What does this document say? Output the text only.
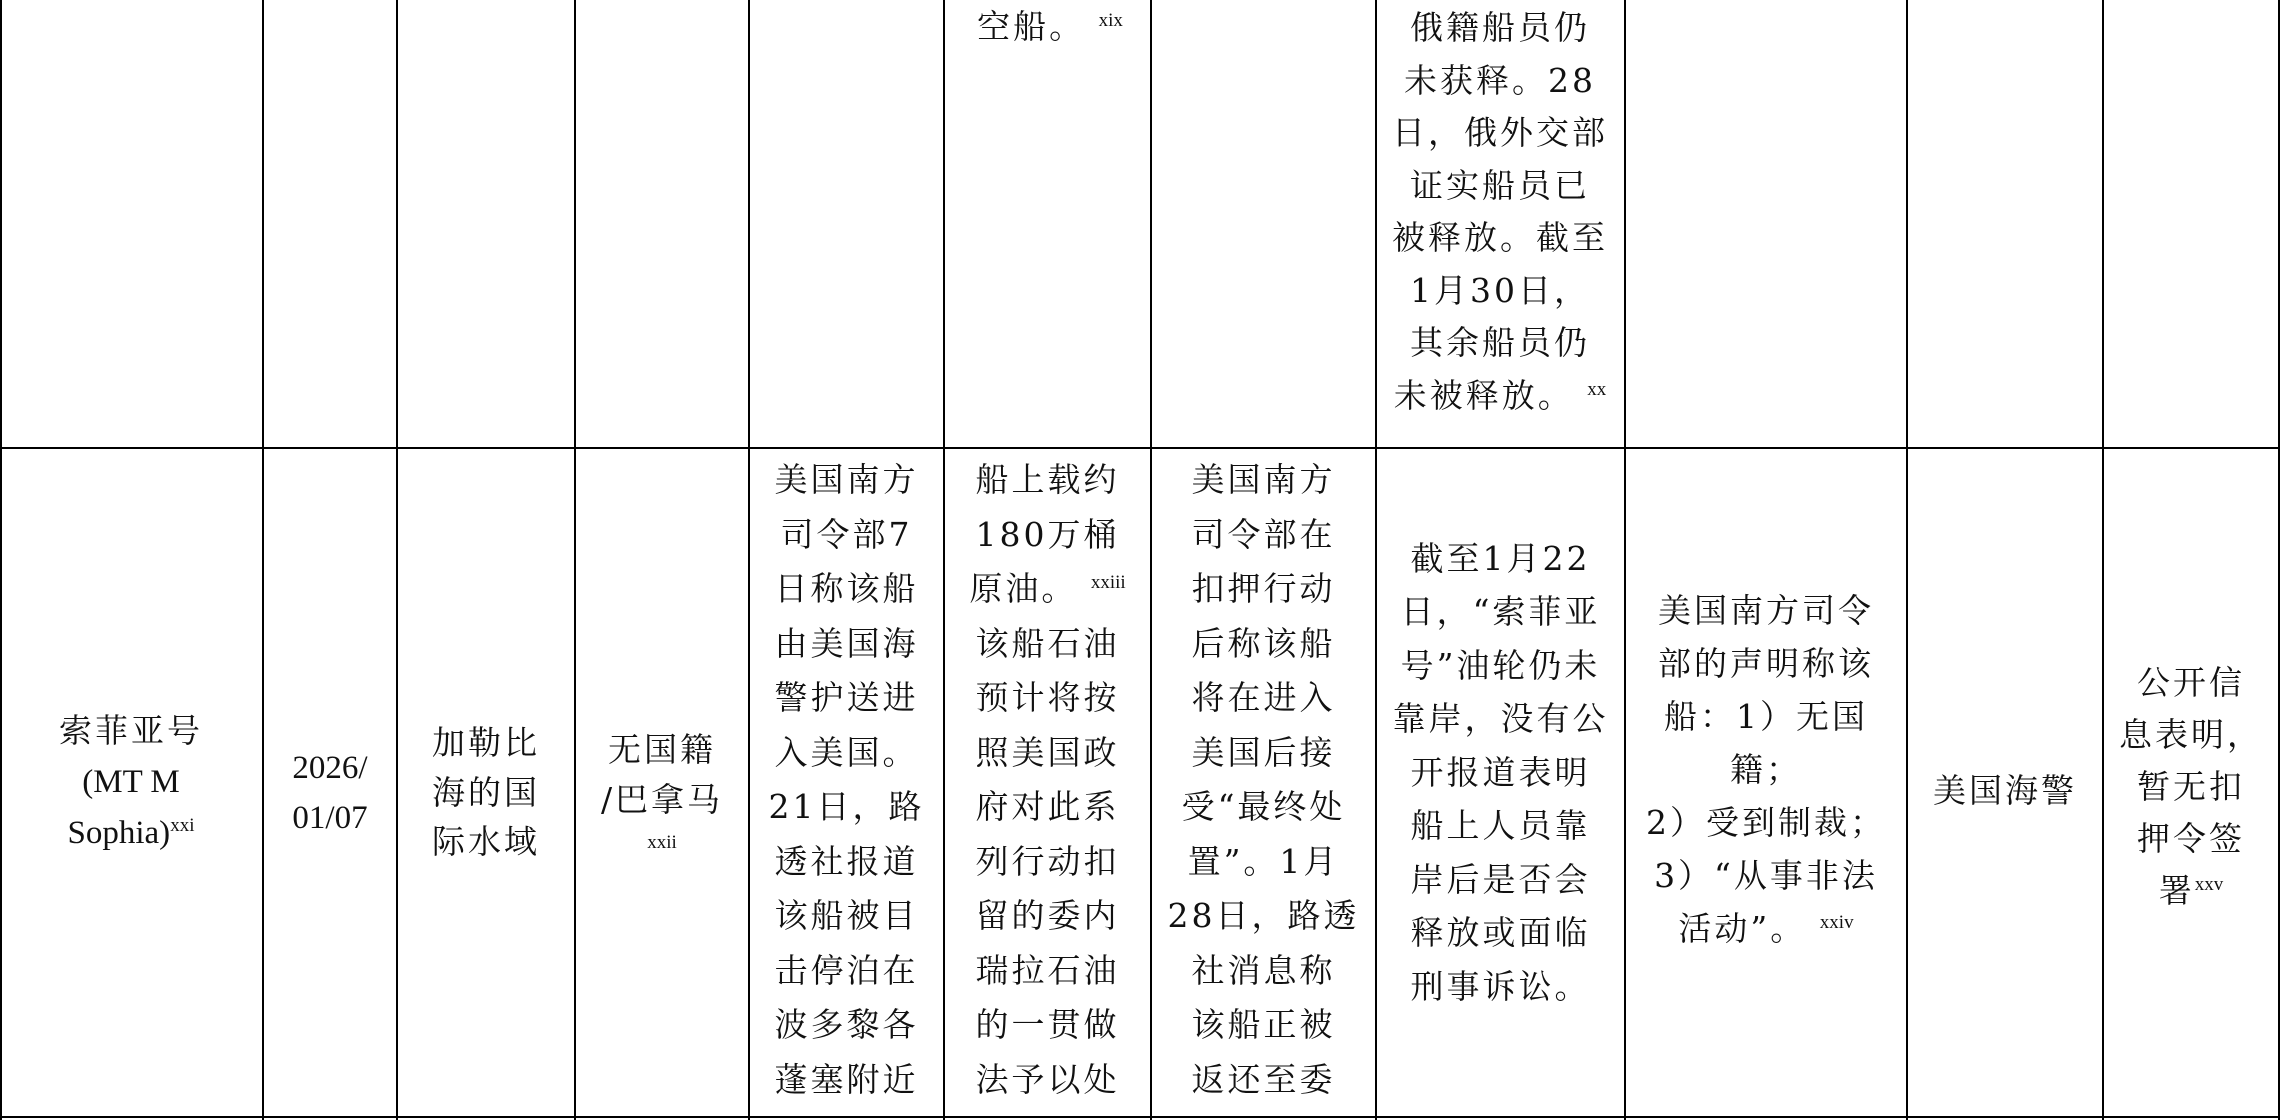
空船。 $^{xix}$	俄籍船员仍
未获释。28
日，俄外交部
证实船员已
被释放。截至
1月30日，
其余船员仍
未被释放。 $^{xx}$
索菲亚号
(MT M
Sophia)$^{xxi}$
2026/
01/07
加勒比
海的国
际水域
无国籍
/巴拿马
$^{xxii}$
美国南方
司令部7
日称该船
由美国海
警护送进
入美国。
21日，路
透社报道
该船被目
击停泊在
波多黎各
蓬塞附近
船上载约
180万桶
原油。 $^{xxiii}$
该船石油
预计将按
照美国政
府对此系
列行动扣
留的委内
瑞拉石油
的一贯做
法予以处
美国南方
司令部在
扣押行动
后称该船
将在进入
美国后接
受“最终处
置”。1月
28日，路透
社消息称
该船正被
返还至委
截至1月22
日，“索菲亚
号”油轮仍未
靠岸，没有公
开报道表明
船上人员靠
岸后是否会
释放或面临
刑事诉讼。
美国南方司令
部的声明称该
船：1）无国籍；
2）受到制裁；
3）“从事非法
活动”。 $^{xxiv}$
美国海警
公开信
息表明，
暂无扣
押令签
署$^{xxv}$
